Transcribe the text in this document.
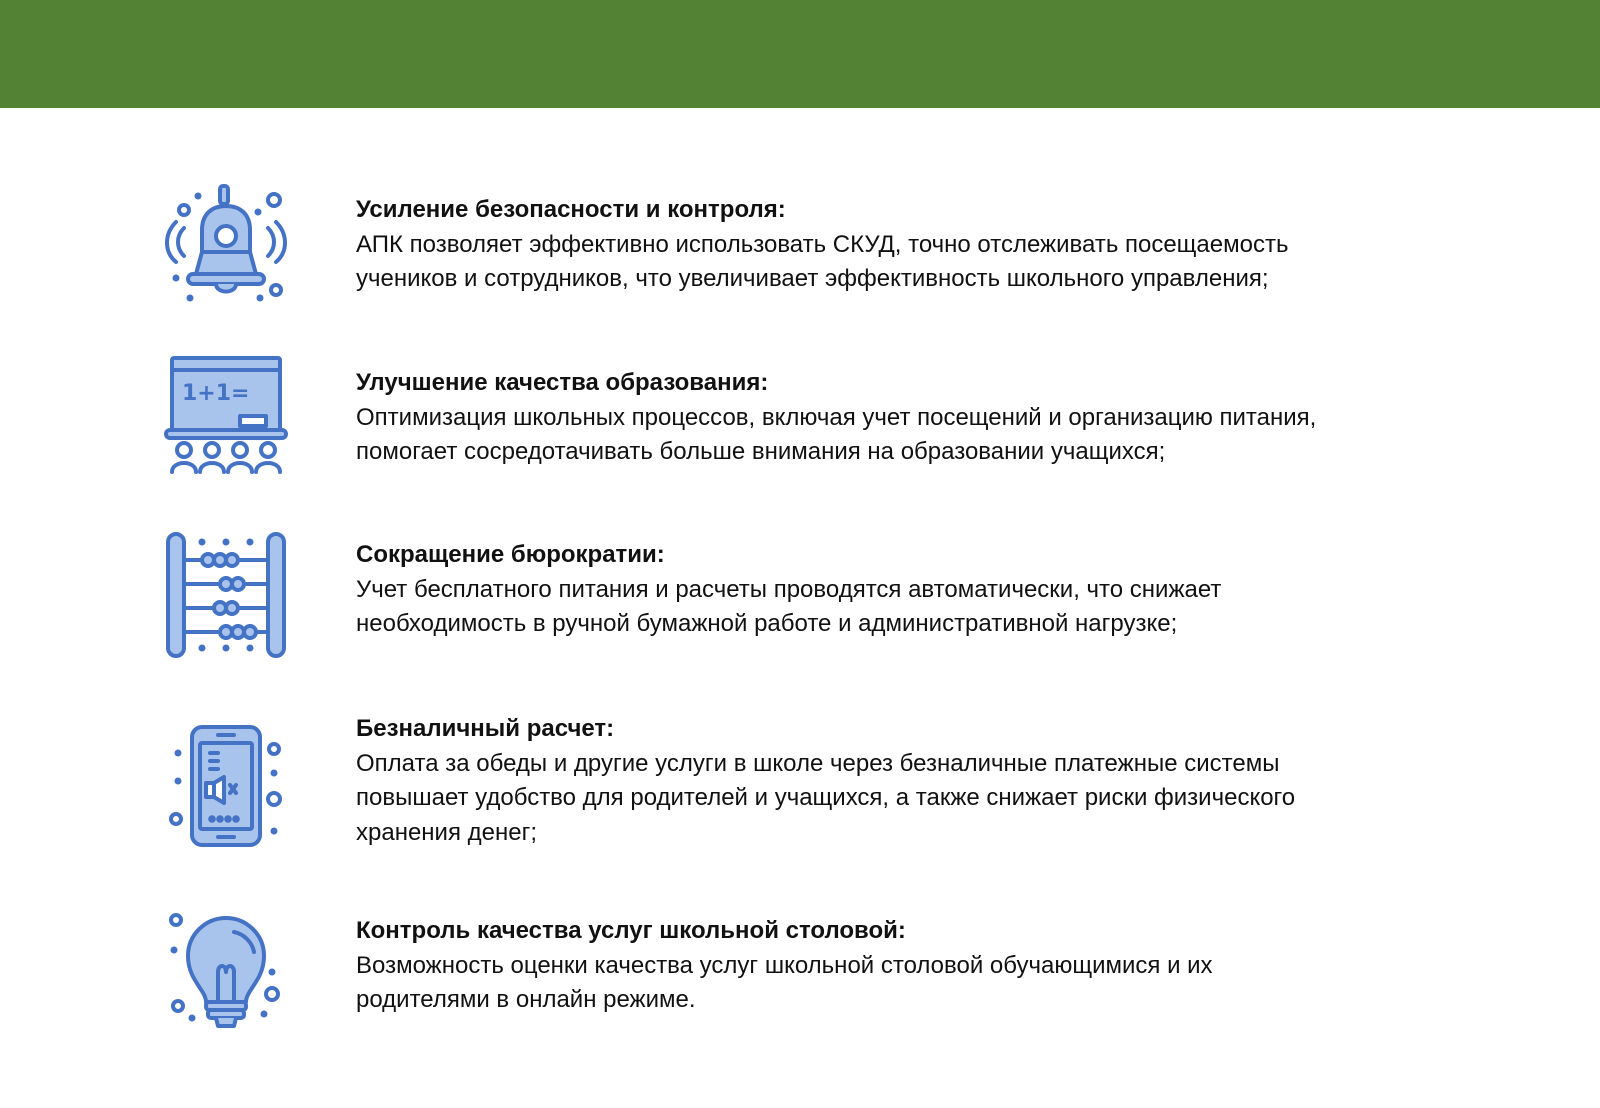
Усиление безопасности и контроля:
АПК позволяет эффективно использовать СКУД, точно отслеживать посещаемость
учеников и сотрудников, что увеличивает эффективность школьного управления;
1+1=	Улучшение качества образования:
Оптимизация школьных процессов, включая учет посещений и организацию питания,
помогает сосредотачивать больше внимания на образовании учащихся;
Сокращение бюрократии:
Учет бесплатного питания и расчеты проводятся автоматически, что снижает
необходимость в ручной бумажной работе и административной нагрузке;
Безналичный расчет:
Оплата за обеды и другие услуги в школе через безналичные платежные системы
повышает удобство для родителей и учащихся, а также снижает риски физического
хранения денег;
Контроль качества услуг школьной столовой:
Возможность оценки качества услуг школьной столовой обучающимися и их
родителями в онлайн режиме.
